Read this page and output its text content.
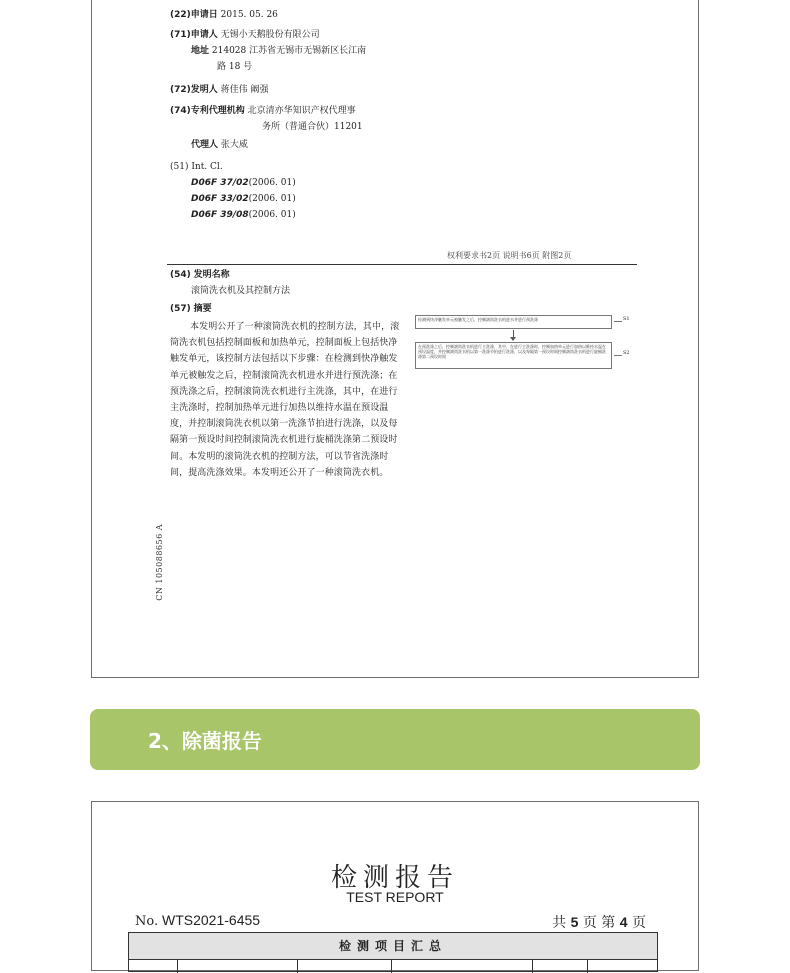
(22)申请日 2015. 05. 26
(71)申请人 无锡小天鹅股份有限公司
地址 214028 江苏省无锡市无锡新区长江南
路 18 号
(72)发明人 蒋佳伟 阚强
(74)专利代理机构 北京清亦华知识产权代理事
务所（普通合伙）11201
代理人 张大威
(51) Int. Cl.
D06F 37/02(2006. 01)
D06F 33/02(2006. 01)
D06F 39/08(2006. 01)
权利要求书2页 说明书6页 附图2页
(54) 发明名称
滚筒洗衣机及其控制方法
(57) 摘要
本发明公开了一种滚筒洗衣机的控制方法，其中，滚筒洗衣机包括控制面板和加热单元，控制面板上包括快净触发单元，该控制方法包括以下步骤：在检测到快净触发单元被触发之后，控制滚筒洗衣机进水并进行预洗涤；在预洗涤之后，控制滚筒洗衣机进行主洗涤，其中，在进行主洗涤时，控制加热单元进行加热以维持水温在预设温度，并控制滚筒洗衣机以第一洗涤节拍进行洗涤，以及每隔第一预设时间控制滚筒洗衣机进行旋桶洗涤第二预设时间。本发明的滚筒洗衣机的控制方法，可以节省洗涤时间，提高洗涤效果。本发明还公开了一种滚筒洗衣机。
检测到快净触发单元被触发之后，控制滚筒洗衣机进水并进行预洗涤	S1
在预洗涤之后，控制滚筒洗衣机进行主洗涤，其中，在进行主洗涤时，控制加热单元进行加热以维持水温在预设温度，并控制滚筒洗衣机以第一洗涤节拍进行洗涤，以及每隔第一预设时间控制滚筒洗衣机进行旋桶洗涤第二预设时间
S2
CN 105088656 A
2、除菌报告
检测报告
TEST REPORT
No. WTS2021-6455	共 5 页 第 4 页
检测项目汇总
